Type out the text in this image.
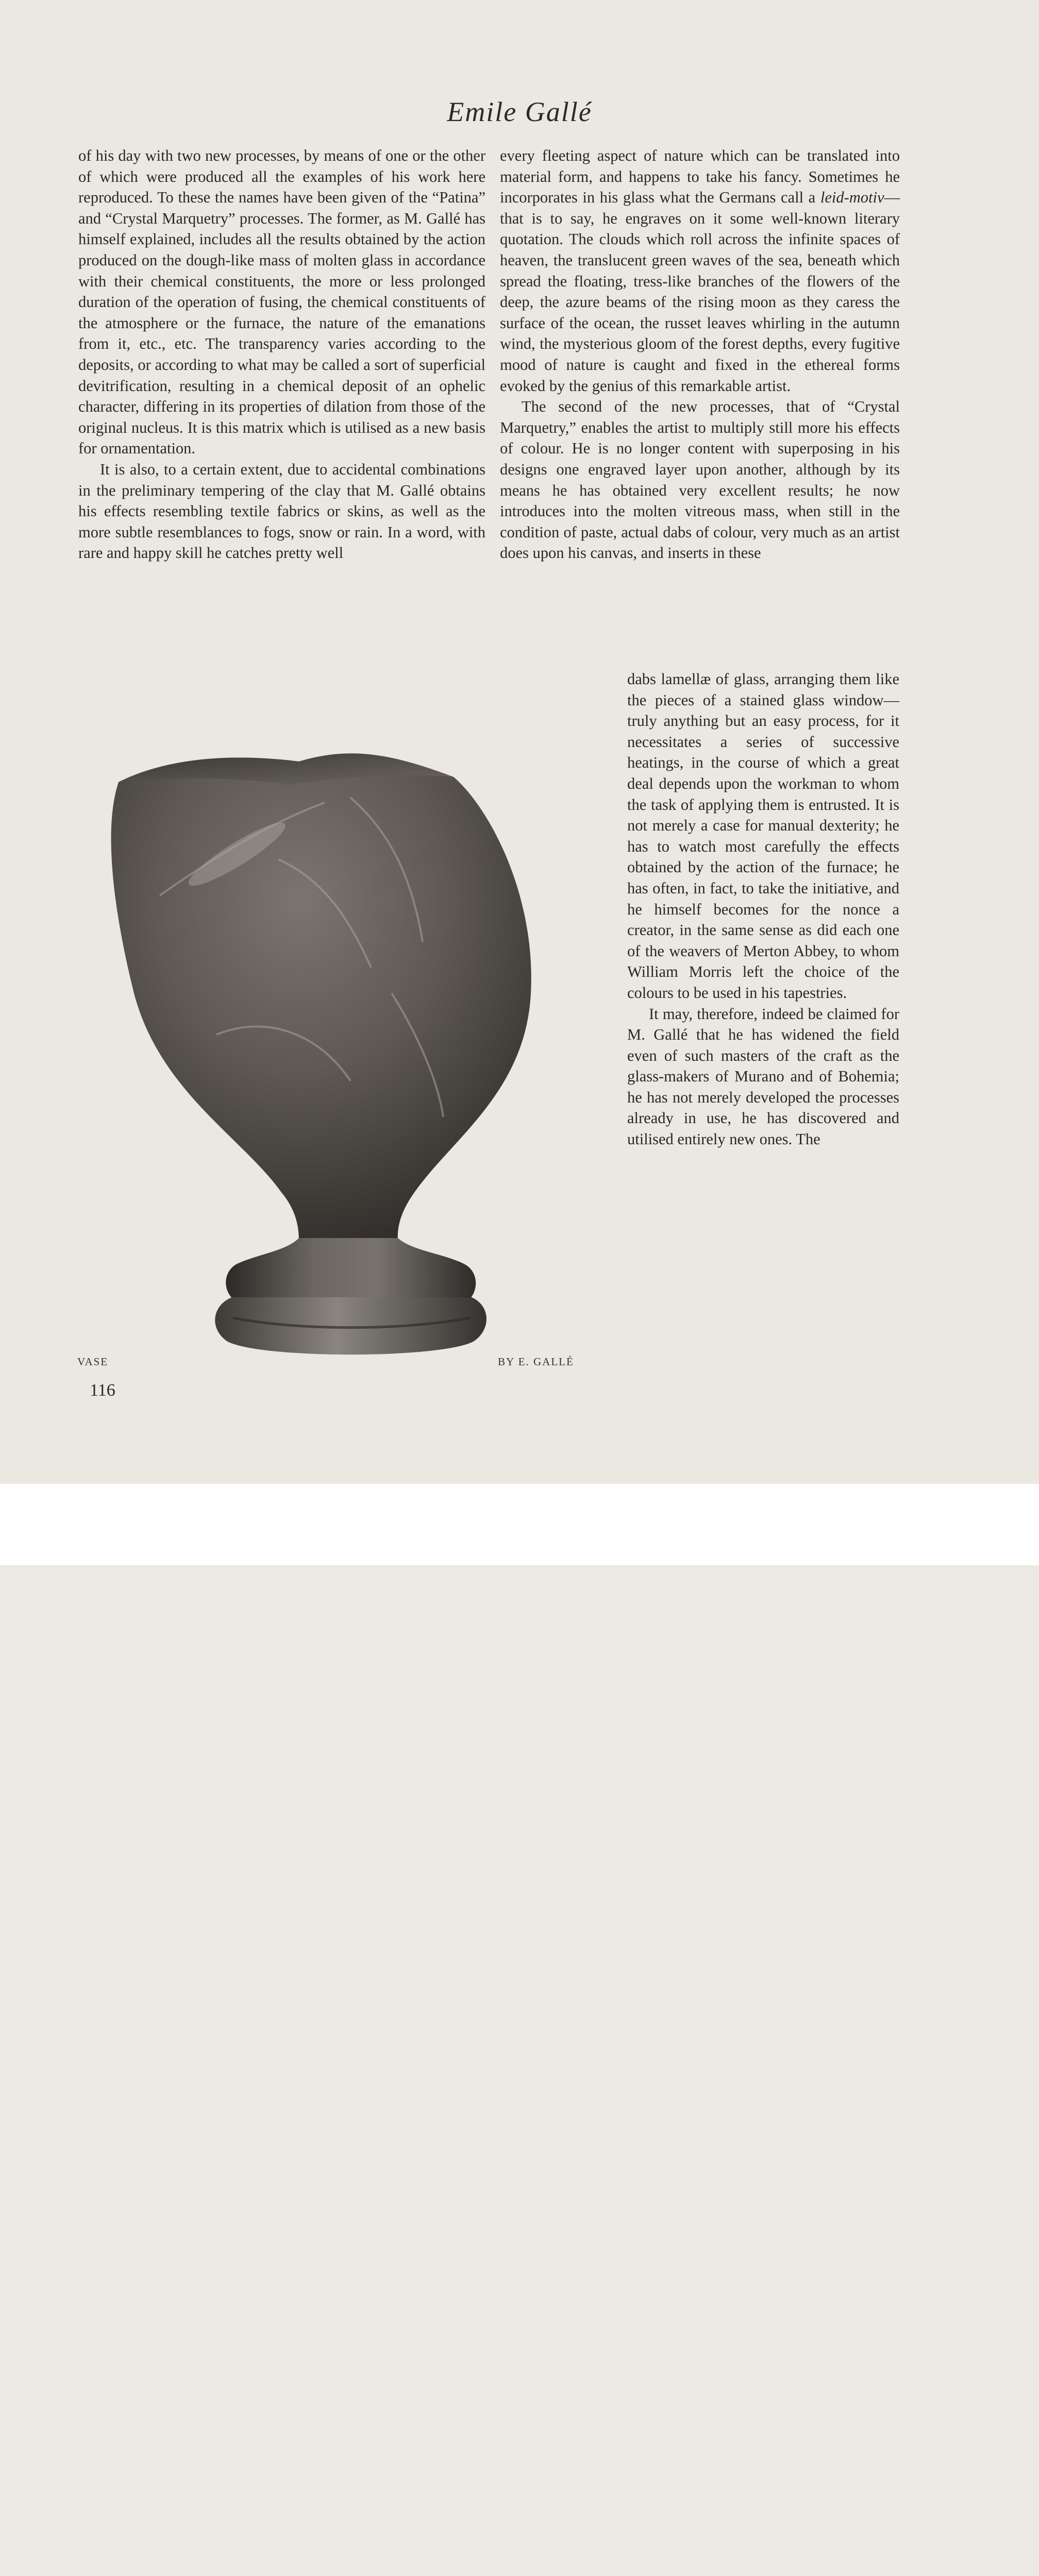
Emile Gallé

of his day with two new processes, by means of one or the other of which were produced all the examples of his work here reproduced. To these the names have been given of the “Patina” and “Crystal Marquetry” processes. The former, as M. Gallé has himself explained, includes all the results obtained by the action produced on the dough-like mass of molten glass in accordance with their chemical constituents, the more or less prolonged duration of the operation of fusing, the chemical constituents of the atmosphere or the furnace, the nature of the emanations from it, etc., etc. The transparency varies according to the deposits, or according to what may be called a sort of superficial devitrification, resulting in a chemical deposit of an ophelic character, differing in its properties of dilation from those of the original nucleus. It is this matrix which is utilised as a new basis for ornamentation.

It is also, to a certain extent, due to accidental combinations in the preliminary tempering of the clay that M. Gallé obtains his effects resembling textile fabrics or skins, as well as the more subtle resemblances to fogs, snow or rain. In a word, with rare and happy skill he catches pretty well

every fleeting aspect of nature which can be translated into material form, and happens to take his fancy. Sometimes he incorporates in his glass what the Germans call a leid-motiv—that is to say, he engraves on it some well-known literary quotation. The clouds which roll across the infinite spaces of heaven, the translucent green waves of the sea, beneath which spread the floating, tress-like branches of the flowers of the deep, the azure beams of the rising moon as they caress the surface of the ocean, the russet leaves whirling in the autumn wind, the mysterious gloom of the forest depths, every fugitive mood of nature is caught and fixed in the ethereal forms evoked by the genius of this remarkable artist.

The second of the new processes, that of “Crystal Marquetry,” enables the artist to multiply still more his effects of colour. He is no longer content with superposing in his designs one engraved layer upon another, although by its means he has obtained very excellent results; he now introduces into the molten vitreous mass, when still in the condition of paste, actual dabs of colour, very much as an artist does upon his canvas, and inserts in these

dabs lamellæ of glass, arranging them like the pieces of a stained glass window—truly anything but an easy process, for it necessitates a series of successive heatings, in the course of which a great deal depends upon the workman to whom the task of applying them is entrusted. It is not merely a case for manual dexterity; he has to watch most carefully the effects obtained by the action of the furnace; he has often, in fact, to take the initiative, and he himself becomes for the nonce a creator, in the same sense as did each one of the weavers of Merton Abbey, to whom William Morris left the choice of the colours to be used in his tapestries.

It may, therefore, indeed be claimed for M. Gallé that he has widened the field even of such masters of the craft as the glass-makers of Murano and of Bohemia; he has not merely developed the processes already in use, he has discovered and utilised entirely new ones. The

VASE	BY E. GALLÉ
116
